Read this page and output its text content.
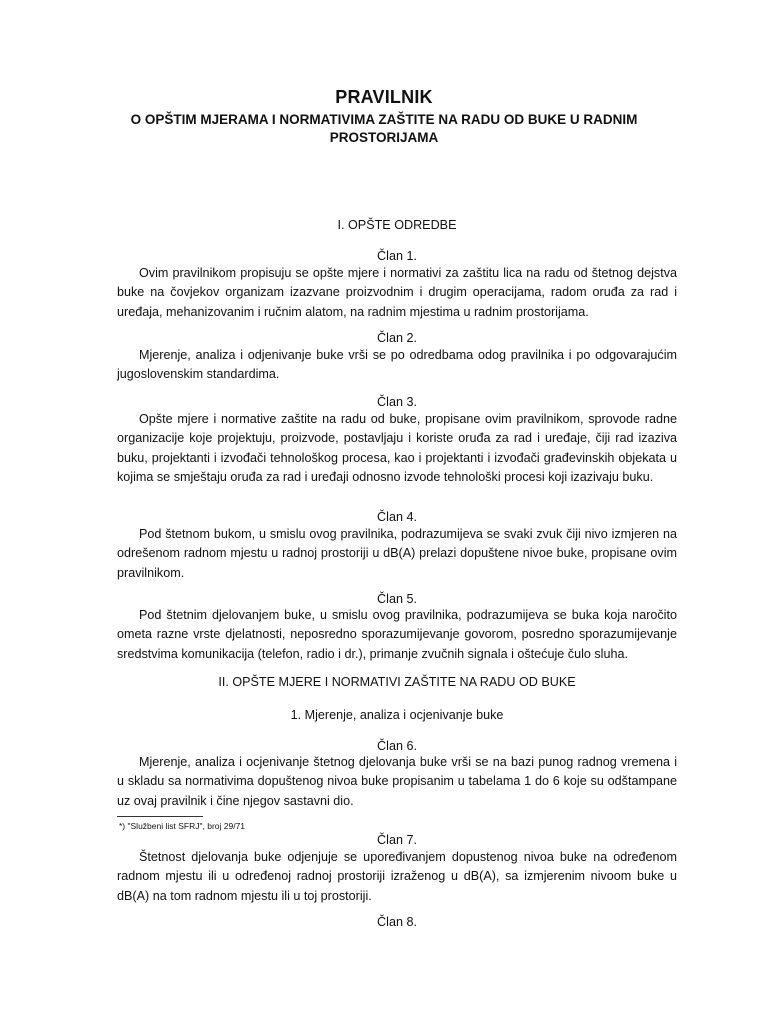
PRAVILNIK
O OPŠTIM MJERAMA I NORMATIVIMA ZAŠTITE NA RADU OD BUKE U RADNIM PROSTORIJAMA
I. OPŠTE ODREDBE
Član 1.

Ovim pravilnikom propisuju se opšte mjere i normativi za zaštitu lica na radu od štetnog dejstva buke na čovjekov organizam izazvane proizvodnim i drugim operacijama, radom oruđa za rad i uređaja, mehanizovanim i ručnim alatom, na radnim mjestima u radnim prostorijama.

Član 2.

Mjerenje, analiza i odjenivanje buke vrši se po odredbama odog pravilnika i po odgovarajućim jugoslovenskim standardima.

Član 3.

Opšte mjere i normative zaštite na radu od buke, propisane ovim pravilnikom, sprovode radne organizacije koje projektuju, proizvode, postavljaju i koriste oruđa za rad i uređaje, čiji rad izaziva buku, projektanti i izvođači tehnološkog procesa, kao i projektanti i izvođači građevinskih objekata u kojima se smještaju oruđa za rad i uređaji odnosno izvode tehnološki procesi koji izazivaju buku.

Član 4.

Pod štetnom bukom, u smislu ovog pravilnika, podrazumijeva se svaki zvuk čiji nivo izmjeren na odrešenom radnom mjestu u radnoj prostoriji u dB(A) prelazi dopuštene nivoe buke, propisane ovim pravilnikom.

Član 5.

Pod štetnim djelovanjem buke, u smislu ovog pravilnika, podrazumijeva se buka koja naročito ometa razne vrste djelatnosti, neposredno sporazumijevanje govorom, posredno sporazumijevanje sredstvima komunikacija (telefon, radio i dr.), primanje zvučnih signala i oštećuje čulo sluha.

II. OPŠTE MJERE I NORMATIVI ZAŠTITE NA RADU OD BUKE
1. Mjerenje, analiza i ocjenivanje buke
Član 6.

Mjerenje, analiza i ocjenivanje štetnog djelovanja buke vrši se na bazi punog radnog vremena i u skladu sa normativima dopuštenog nivoa buke propisanim u tabelama 1 do 6 koje su odštampane uz ovaj pravilnik i čine njegov sastavni dio.

*) "Službeni list SFRJ", broj 29/71
Član 7.

Štetnost djelovanja buke odjenjuje se upoređivanjem dopustenog nivoa buke na određenom radnom mjestu ili u određenoj radnoj prostoriji izraženog u dB(A), sa izmjerenim nivoom buke u dB(A) na tom radnom mjestu ili u toj prostoriji.

Član 8.
